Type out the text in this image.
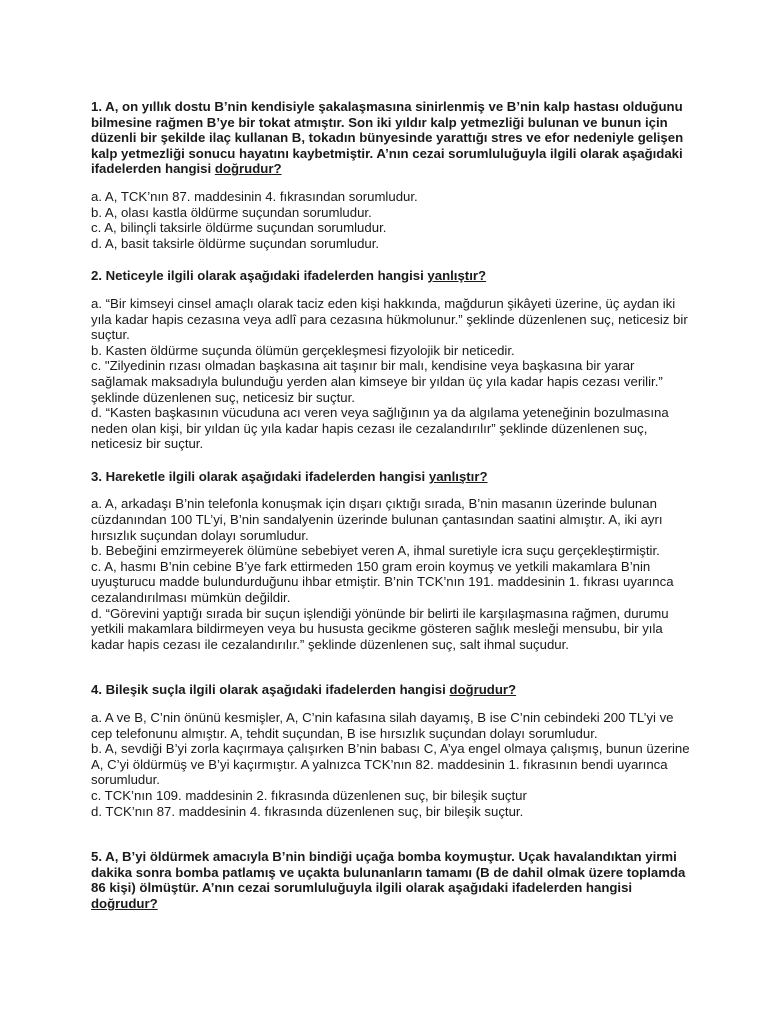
1. A, on yıllık dostu B’nin kendisiyle şakalaşmasına sinirlenmiş ve B’nin kalp hastası olduğunu bilmesine rağmen B’ye bir tokat atmıştır. Son iki yıldır kalp yetmezliği bulunan ve bunun için düzenli bir şekilde ilaç kullanan B, tokadın bünyesinde yarattığı stres ve efor nedeniyle gelişen kalp yetmezliği sonucu hayatını kaybetmiştir. A’nın cezai sorumluluğuyla ilgili olarak aşağıdaki ifadelerden hangisi doğrudur?

a. A, TCK’nın 87. maddesinin 4. fıkrasından sorumludur.

b. A, olası kastla öldürme suçundan sorumludur.

c. A, bilinçli taksirle öldürme suçundan sorumludur.

d. A, basit taksirle öldürme suçundan sorumludur.

2. Neticeyle ilgili olarak aşağıdaki ifadelerden hangisi yanlıştır?

a. “Bir kimseyi cinsel amaçlı olarak taciz eden kişi hakkında, mağdurun şikâyeti üzerine, üç aydan iki yıla kadar hapis cezasına veya adlî para cezasına hükmolunur.” şeklinde düzenlenen suç, neticesiz bir suçtur.

b. Kasten öldürme suçunda ölümün gerçekleşmesi fizyolojik bir neticedir.

c. "Zilyedinin rızası olmadan başkasına ait taşınır bir malı, kendisine veya başkasına bir yarar sağlamak maksadıyla bulunduğu yerden alan kimseye bir yıldan üç yıla kadar hapis cezası verilir.” şeklinde düzenlenen suç, neticesiz bir suçtur.

d. “Kasten başkasının vücuduna acı veren veya sağlığının ya da algılama yeteneğinin bozulmasına neden olan kişi, bir yıldan üç yıla kadar hapis cezası ile cezalandırılır” şeklinde düzenlenen suç, neticesiz bir suçtur.

3. Hareketle ilgili olarak aşağıdaki ifadelerden hangisi yanlıştır?

a. A, arkadaşı B’nin telefonla konuşmak için dışarı çıktığı sırada, B’nin masanın üzerinde bulunan cüzdanından 100 TL’yi, B’nin sandalyenin üzerinde bulunan çantasından saatini almıştır. A, iki ayrı hırsızlık suçundan dolayı sorumludur.

b. Bebeğini emzirmeyerek ölümüne sebebiyet veren A, ihmal suretiyle icra suçu gerçekleştirmiştir.

c. A, hasmı B’nin cebine B’ye fark ettirmeden 150 gram eroin koymuş ve yetkili makamlara B’nin uyuşturucu madde bulundurduğunu ihbar etmiştir. B’nin TCK’nın 191. maddesinin 1. fıkrası uyarınca cezalandırılması mümkün değildir.

d. “Görevini yaptığı sırada bir suçun işlendiği yönünde bir belirti ile karşılaşmasına rağmen, durumu yetkili makamlara bildirmeyen veya bu hususta gecikme gösteren sağlık mesleği mensubu, bir yıla kadar hapis cezası ile cezalandırılır.” şeklinde düzenlenen suç, salt ihmal suçudur.

4. Bileşik suçla ilgili olarak aşağıdaki ifadelerden hangisi doğrudur?

a. A ve B, C’nin önünü kesmişler, A, C’nin kafasına silah dayamış, B ise C’nin cebindeki 200 TL’yi ve cep telefonunu almıştır. A, tehdit suçundan, B ise hırsızlık suçundan dolayı sorumludur.

b. A, sevdiği B’yi zorla kaçırmaya çalışırken B’nin babası C, A’ya engel olmaya çalışmış, bunun üzerine A, C’yi öldürmüş ve B’yi kaçırmıştır. A yalnızca TCK’nın 82. maddesinin 1. fıkrasının bendi uyarınca sorumludur.

c. TCK’nın 109. maddesinin 2. fıkrasında düzenlenen suç, bir bileşik suçtur

d. TCK’nın 87. maddesinin 4. fıkrasında düzenlenen suç, bir bileşik suçtur.

5. A, B’yi öldürmek amacıyla B’nin bindiği uçağa bomba koymuştur. Uçak havalandıktan yirmi dakika sonra bomba patlamış ve uçakta bulunanların tamamı (B de dahil olmak üzere toplamda 86 kişi) ölmüştür. A’nın cezai sorumluluğuyla ilgili olarak aşağıdaki ifadelerden hangisi doğrudur?
